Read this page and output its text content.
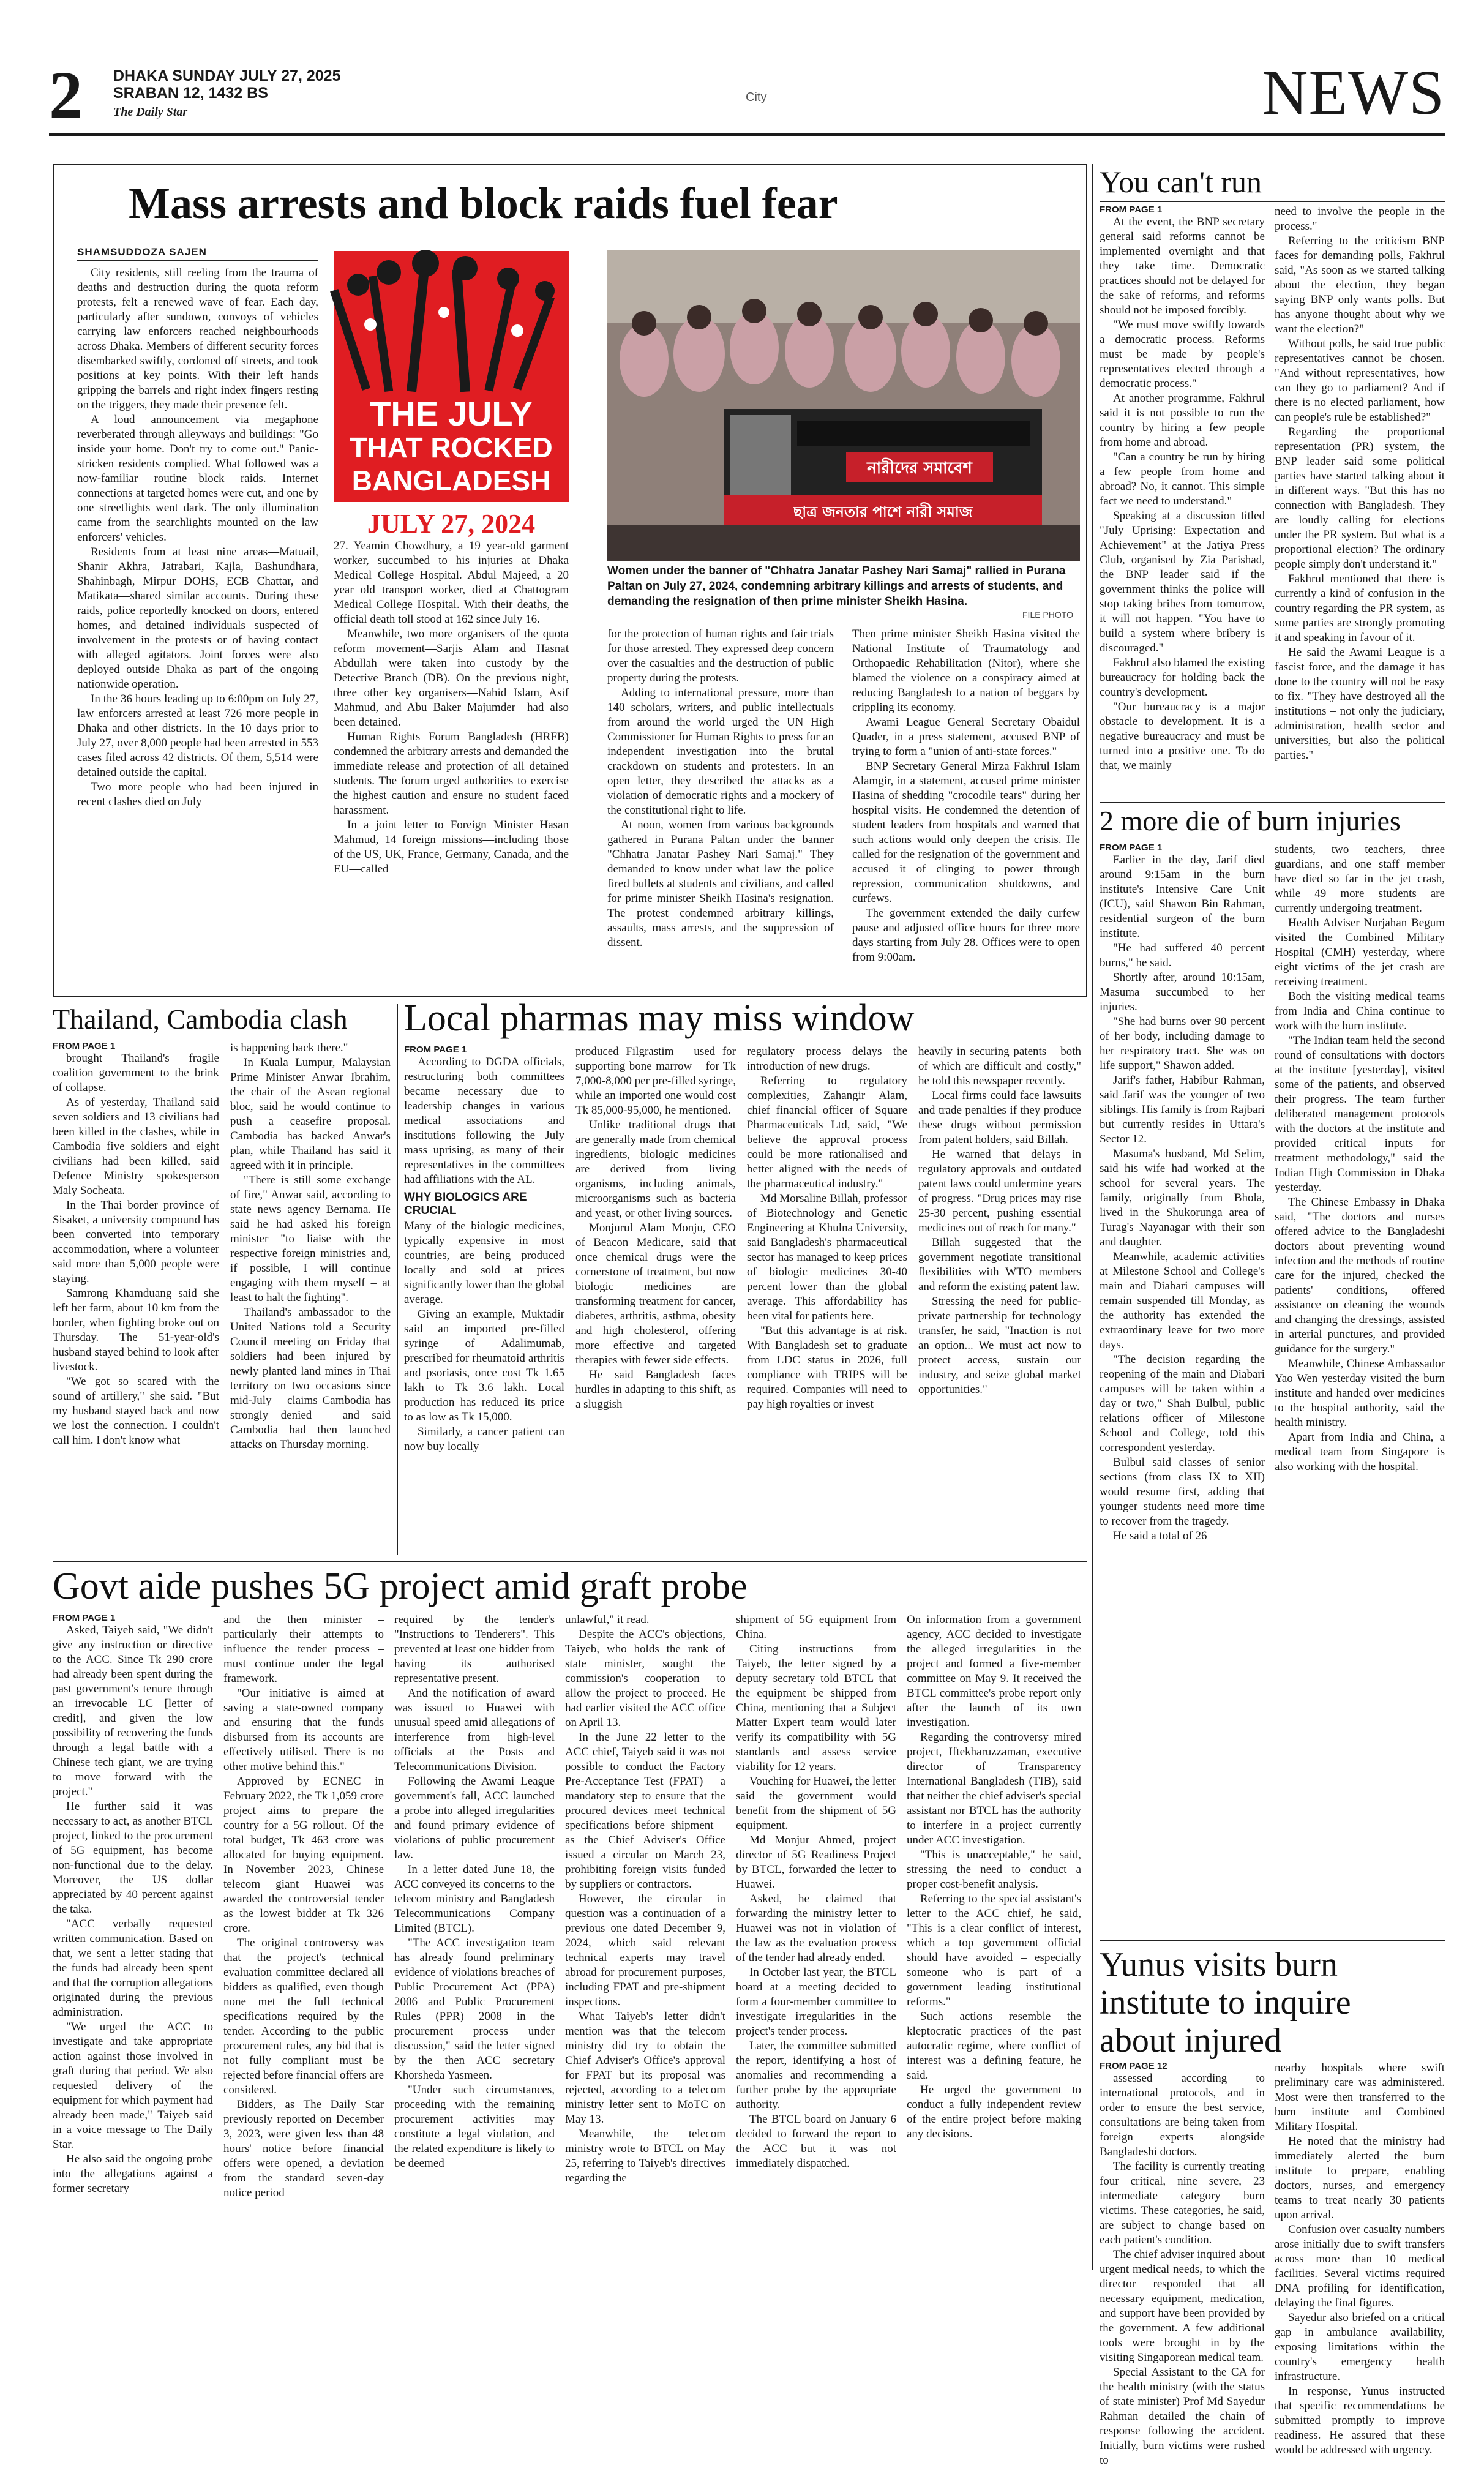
2 DHAKA SUNDAY JULY 27, 2025
SRABAN 12, 1432 BS
The Daily Star
City	NEWS
Mass arrests and block raids fuel fear
SHAMSUDDOZA SAJEN

City residents, still reeling from the trauma of deaths and destruction during the quota reform protests, felt a renewed wave of fear. Each day, particularly after sundown, convoys of vehicles carrying law enforcers reached neighbourhoods across Dhaka. Members of different security forces disembarked swiftly, cordoned off streets, and took positions at key points. With their left hands gripping the barrels and right index fingers resting on the triggers, they made their presence felt.

A loud announcement via megaphone reverberated through alleyways and buildings: "Go inside your home. Don't try to come out." Panic-stricken residents complied. What followed was a now-familiar routine—block raids. Internet connections at targeted homes were cut, and one by one streetlights went dark. The only illumination came from the searchlights mounted on the law enforcers' vehicles.

Residents from at least nine areas—Matuail, Shanir Akhra, Jatrabari, Kajla, Bashundhara, Shahinbagh, Mirpur DOHS, ECB Chattar, and Matikata—shared similar accounts. During these raids, police reportedly knocked on doors, entered homes, and detained individuals suspected of involvement in the protests or of having contact with alleged agitators. Joint forces were also deployed outside Dhaka as part of the ongoing nationwide operation.

In the 36 hours leading up to 6:00pm on July 27, law enforcers arrested at least 726 more people in Dhaka and other districts. In the 10 days prior to July 27, over 8,000 people had been arrested in 553 cases filed across 42 districts. Of them, 5,514 were detained outside the capital.

Two more people who had been injured in recent clashes died on July

THE JULY
THAT ROCKED
BANGLADESH
JULY 27, 2024
নারীদের সমাবেশ
ছাত্র জনতার পাশে নারী সমাজ
Women under the banner of "Chhatra Janatar Pashey Nari Samaj" rallied in Purana Paltan on July 27, 2024, condemning arbitrary killings and arrests of students, and demanding the resignation of then prime minister Sheikh Hasina.
FILE PHOTO

27. Yeamin Chowdhury, a 19 year-old garment worker, succumbed to his injuries at Dhaka Medical College Hospital. Abdul Majeed, a 20 year old transport worker, died at Chattogram Medical College Hospital. With their deaths, the official death toll stood at 162 since July 16.

Meanwhile, two more organisers of the quota reform movement—Sarjis Alam and Hasnat Abdullah—were taken into custody by the Detective Branch (DB). On the previous night, three other key organisers—Nahid Islam, Asif Mahmud, and Abu Baker Majumder—had also been detained.

Human Rights Forum Bangladesh (HRFB) condemned the arbitrary arrests and demanded the immediate release and protection of all detained students. The forum urged authorities to exercise the highest caution and ensure no student faced harassment.

In a joint letter to Foreign Minister Hasan Mahmud, 14 foreign missions—including those of the US, UK, France, Germany, Canada, and the EU—called

for the protection of human rights and fair trials for those arrested. They expressed deep concern over the casualties and the destruction of public property during the protests.

Adding to international pressure, more than 140 scholars, writers, and public intellectuals from around the world urged the UN High Commissioner for Human Rights to press for an independent investigation into the brutal crackdown on students and protesters. In an open letter, they described the attacks as a violation of democratic rights and a mockery of the constitutional right to life.

At noon, women from various backgrounds gathered in Purana Paltan under the banner "Chhatra Janatar Pashey Nari Samaj." They demanded to know under what law the police fired bullets at students and civilians, and called for prime minister Sheikh Hasina's resignation. The protest condemned arbitrary killings, assaults, mass arrests, and the suppression of dissent.

Then prime minister Sheikh Hasina visited the National Institute of Traumatology and Orthopaedic Rehabilitation (Nitor), where she blamed the violence on a conspiracy aimed at reducing Bangladesh to a nation of beggars by crippling its economy.

Awami League General Secretary Obaidul Quader, in a press statement, accused BNP of trying to form a "union of anti-state forces."

BNP Secretary General Mirza Fakhrul Islam Alamgir, in a statement, accused prime minister Hasina of shedding "crocodile tears" during her hospital visits. He condemned the detention of student leaders from hospitals and warned that such actions would only deepen the crisis. He called for the resignation of the government and accused it of clinging to power through repression, communication shutdowns, and curfews.

The government extended the daily curfew pause and adjusted office hours for three more days starting from July 28. Offices were to open from 9:00am.

You can't run
FROM PAGE 1

At the event, the BNP secretary general said reforms cannot be implemented overnight and that they take time. Democratic practices should not be delayed for the sake of reforms, and reforms should not be imposed forcibly.

"We must move swiftly towards a democratic process. Reforms must be made by people's representatives elected through a democratic process."

At another programme, Fakhrul said it is not possible to run the country by hiring a few people from home and abroad.

"Can a country be run by hiring a few people from home and abroad? No, it cannot. This simple fact we need to understand."

Speaking at a discussion titled "July Uprising: Expectation and Achievement" at the Jatiya Press Club, organised by Zia Parishad, the BNP leader said if the government thinks the police will stop taking bribes from tomorrow, it will not happen. "You have to build a system where bribery is discouraged."

Fakhrul also blamed the existing bureaucracy for holding back the country's development.

"Our bureaucracy is a major obstacle to development. It is a negative bureaucracy and must be turned into a positive one. To do that, we mainly

need to involve the people in the process."

Referring to the criticism BNP faces for demanding polls, Fakhrul said, "As soon as we started talking about the election, they began saying BNP only wants polls. But has anyone thought about why we want the election?"

Without polls, he said true public representatives cannot be chosen. "And without representatives, how can they go to parliament? And if there is no elected parliament, how can people's rule be established?"

Regarding the proportional representation (PR) system, the BNP leader said some political parties have started talking about it in different ways. "But this has no connection with Bangladesh. They are loudly calling for elections under the PR system. But what is a proportional election? The ordinary people simply don't understand it."

Fakhrul mentioned that there is currently a kind of confusion in the country regarding the PR system, as some parties are strongly promoting it and speaking in favour of it.

He said the Awami League is a fascist force, and the damage it has done to the country will not be easy to fix. "They have destroyed all the institutions – not only the judiciary, administration, health sector and universities, but also the political parties."

2 more die of burn injuries
FROM PAGE 1

Earlier in the day, Jarif died around 9:15am in the burn institute's Intensive Care Unit (ICU), said Shawon Bin Rahman, residential surgeon of the burn institute.

"He had suffered 40 percent burns," he said.

Shortly after, around 10:15am, Masuma succumbed to her injuries.

"She had burns over 90 percent of her body, including damage to her respiratory tract. She was on life support," Shawon added.

Jarif's father, Habibur Rahman, said Jarif was the younger of two siblings. His family is from Rajbari but currently resides in Uttara's Sector 12.

Masuma's husband, Md Selim, said his wife had worked at the school for several years. The family, originally from Bhola, lived in the Shukorunga area of Turag's Nayanagar with their son and daughter.

Meanwhile, academic activities at Milestone School and College's main and Diabari campuses will remain suspended till Monday, as the authority has extended the extraordinary leave for two more days.

"The decision regarding the reopening of the main and Diabari campuses will be taken within a day or two," Shah Bulbul, public relations officer of Milestone School and College, told this correspondent yesterday.

Bulbul said classes of senior sections (from class IX to XII) would resume first, adding that younger students need more time to recover from the tragedy.

He said a total of 26

students, two teachers, three guardians, and one staff member have died so far in the jet crash, while 49 more students are currently undergoing treatment.

Health Adviser Nurjahan Begum visited the Combined Military Hospital (CMH) yesterday, where eight victims of the jet crash are receiving treatment.

Both the visiting medical teams from India and China continue to work with the burn institute.

"The Indian team held the second round of consultations with doctors at the institute [yesterday], visited some of the patients, and observed their progress. The team further deliberated management protocols with the doctors at the institute and provided critical inputs for treatment methodology," said the Indian High Commission in Dhaka yesterday.

The Chinese Embassy in Dhaka said, "The doctors and nurses offered advice to the Bangladeshi doctors about preventing wound infection and the methods of routine care for the injured, checked the patients' conditions, offered assistance on cleaning the wounds and changing the dressings, assisted in arterial punctures, and provided guidance for the surgery."

Meanwhile, Chinese Ambassador Yao Wen yesterday visited the burn institute and handed over medicines to the hospital authority, said the health ministry.

Apart from India and China, a medical team from Singapore is also working with the hospital.

Yunus visits burn institute to inquire about injured
FROM PAGE 12

assessed according to international protocols, and in order to ensure the best service, consultations are being taken from foreign experts alongside Bangladeshi doctors.

The facility is currently treating four critical, nine severe, 23 intermediate category burn victims. These categories, he said, are subject to change based on each patient's condition.

The chief adviser inquired about urgent medical needs, to which the director responded that all necessary equipment, medication, and support have been provided by the government. A few additional tools were brought in by the visiting Singaporean medical team.

Special Assistant to the CA for the health ministry (with the status of state minister) Prof Md Sayedur Rahman detailed the chain of response following the accident. Initially, burn victims were rushed to

nearby hospitals where swift preliminary care was administered. Most were then transferred to the burn institute and Combined Military Hospital.

He noted that the ministry had immediately alerted the burn institute to prepare, enabling doctors, nurses, and emergency teams to treat nearly 30 patients upon arrival.

Confusion over casualty numbers arose initially due to swift transfers across more than 10 medical facilities. Several victims required DNA profiling for identification, delaying the final figures.

Sayedur also briefed on a critical gap in ambulance availability, exposing limitations within the country's emergency health infrastructure.

In response, Yunus instructed that specific recommendations be submitted promptly to improve readiness. He assured that these would be addressed with urgency.

Thailand, Cambodia clash
FROM PAGE 1

brought Thailand's fragile coalition government to the brink of collapse.

As of yesterday, Thailand said seven soldiers and 13 civilians had been killed in the clashes, while in Cambodia five soldiers and eight civilians had been killed, said Defence Ministry spokesperson Maly Socheata.

In the Thai border province of Sisaket, a university compound has been converted into temporary accommodation, where a volunteer said more than 5,000 people were staying.

Samrong Khamduang said she left her farm, about 10 km from the border, when fighting broke out on Thursday. The 51-year-old's husband stayed behind to look after livestock.

"We got so scared with the sound of artillery," she said. "But my husband stayed back and now we lost the connection. I couldn't call him. I don't know what

is happening back there."

In Kuala Lumpur, Malaysian Prime Minister Anwar Ibrahim, the chair of the Asean regional bloc, said he would continue to push a ceasefire proposal. Cambodia has backed Anwar's plan, while Thailand has said it agreed with it in principle.

"There is still some exchange of fire," Anwar said, according to state news agency Bernama. He said he had asked his foreign minister "to liaise with the respective foreign ministries and, if possible, I will continue engaging with them myself – at least to halt the fighting".

Thailand's ambassador to the United Nations told a Security Council meeting on Friday that soldiers had been injured by newly planted land mines in Thai territory on two occasions since mid-July – claims Cambodia has strongly denied – and said Cambodia had then launched attacks on Thursday morning.

Local pharmas may miss window
FROM PAGE 1

According to DGDA officials, restructuring both committees became necessary due to leadership changes in various medical associations and institutions following the July mass uprising, as many of their representatives in the committees had affiliations with the AL.

WHY BIOLOGICS ARE CRUCIAL

Many of the biologic medicines, typically expensive in most countries, are being produced locally and sold at prices significantly lower than the global average.

Giving an example, Muktadir said an imported pre-filled syringe of Adalimumab, prescribed for rheumatoid arthritis and psoriasis, once cost Tk 1.65 lakh to Tk 3.6 lakh. Local production has reduced its price to as low as Tk 15,000.

Similarly, a cancer patient can now buy locally

produced Filgrastim – used for supporting bone marrow – for Tk 7,000-8,000 per pre-filled syringe, while an imported one would cost Tk 85,000-95,000, he mentioned.

Unlike traditional drugs that are generally made from chemical ingredients, biologic medicines are derived from living organisms, including animals, microorganisms such as bacteria and yeast, or other living sources.

Monjurul Alam Monju, CEO of Beacon Medicare, said that once chemical drugs were the cornerstone of treatment, but now biologic medicines are transforming treatment for cancer, diabetes, arthritis, asthma, obesity and high cholesterol, offering more effective and targeted therapies with fewer side effects.

He said Bangladesh faces hurdles in adapting to this shift, as a sluggish

regulatory process delays the introduction of new drugs.

Referring to regulatory complexities, Zahangir Alam, chief financial officer of Square Pharmaceuticals Ltd, said, "We believe the approval process could be more rationalised and better aligned with the needs of the pharmaceutical industry."

Md Morsaline Billah, professor of Biotechnology and Genetic Engineering at Khulna University, said Bangladesh's pharmaceutical sector has managed to keep prices of biologic medicines 30-40 percent lower than the global average. This affordability has been vital for patients here.

"But this advantage is at risk. With Bangladesh set to graduate from LDC status in 2026, full compliance with TRIPS will be required. Companies will need to pay high royalties or invest

heavily in securing patents – both of which are difficult and costly," he told this newspaper recently.

Local firms could face lawsuits and trade penalties if they produce these drugs without permission from patent holders, said Billah.

He warned that delays in regulatory approvals and outdated patent laws could undermine years of progress. "Drug prices may rise 25-30 percent, pushing essential medicines out of reach for many."

Billah suggested that the government negotiate transitional flexibilities with WTO members and reform the existing patent law.

Stressing the need for public-private partnership for technology transfer, he said, "Inaction is not an option... We must act now to protect access, sustain our industry, and seize global market opportunities."

Govt aide pushes 5G project amid graft probe
FROM PAGE 1

Asked, Taiyeb said, "We didn't give any instruction or directive to the ACC. Since Tk 290 crore had already been spent during the past government's tenure through an irrevocable LC [letter of credit], and given the low possibility of recovering the funds through a legal battle with a Chinese tech giant, we are trying to move forward with the project."

He further said it was necessary to act, as another BTCL project, linked to the procurement of 5G equipment, has become non-functional due to the delay. Moreover, the US dollar appreciated by 40 percent against the taka.

"ACC verbally requested written communication. Based on that, we sent a letter stating that the funds had already been spent and that the corruption allegations originated during the previous administration.

"We urged the ACC to investigate and take appropriate action against those involved in graft during that period. We also requested delivery of the equipment for which payment had already been made," Taiyeb said in a voice message to The Daily Star.

He also said the ongoing probe into the allegations against a former secretary

and the then minister – particularly their attempts to influence the tender process – must continue under the legal framework.

"Our initiative is aimed at saving a state-owned company and ensuring that the funds disbursed from its accounts are effectively utilised. There is no other motive behind this."

Approved by ECNEC in February 2022, the Tk 1,059 crore project aims to prepare the country for a 5G rollout. Of the total budget, Tk 463 crore was allocated for buying equipment. In November 2023, Chinese telecom giant Huawei was awarded the controversial tender as the lowest bidder at Tk 326 crore.

The original controversy was that the project's technical evaluation committee declared all bidders as qualified, even though none met the full technical specifications required by the tender. According to the public procurement rules, any bid that is not fully compliant must be rejected before financial offers are considered.

Bidders, as The Daily Star previously reported on December 3, 2023, were given less than 48 hours' notice before financial offers were opened, a deviation from the standard seven-day notice period

required by the tender's "Instructions to Tenderers". This prevented at least one bidder from having its authorised representative present.

And the notification of award was issued to Huawei with unusual speed amid allegations of interference from high-level officials at the Posts and Telecommunications Division.

Following the Awami League government's fall, ACC launched a probe into alleged irregularities and found primary evidence of violations of public procurement law.

In a letter dated June 18, the ACC conveyed its concerns to the telecom ministry and Bangladesh Telecommunications Company Limited (BTCL).

"The ACC investigation team has already found preliminary evidence of violations breaches of Public Procurement Act (PPA) 2006 and Public Procurement Rules (PPR) 2008 in the procurement process under discussion," said the letter signed by the then ACC secretary Khorsheda Yasmeen.

"Under such circumstances, proceeding with the remaining procurement activities may constitute a legal violation, and the related expenditure is likely to be deemed

unlawful," it read.

Despite the ACC's objections, Taiyeb, who holds the rank of state minister, sought the commission's cooperation to allow the project to proceed. He had earlier visited the ACC office on April 13.

In the June 22 letter to the ACC chief, Taiyeb said it was not possible to conduct the Factory Pre-Acceptance Test (FPAT) – a mandatory step to ensure that the procured devices meet technical specifications before shipment – as the Chief Adviser's Office issued a circular on March 23, prohibiting foreign visits funded by suppliers or contractors.

However, the circular in question was a continuation of a previous one dated December 9, 2024, which said relevant technical experts may travel abroad for procurement purposes, including FPAT and pre-shipment inspections.

What Taiyeb's letter didn't mention was that the telecom ministry did try to obtain the Chief Adviser's Office's approval for FPAT but its proposal was rejected, according to a telecom ministry letter sent to MoTC on May 13.

Meanwhile, the telecom ministry wrote to BTCL on May 25, referring to Taiyeb's directives regarding the

shipment of 5G equipment from China.

Citing instructions from Taiyeb, the letter signed by a deputy secretary told BTCL that the equipment be shipped from China, mentioning that a Subject Matter Expert team would later verify its compatibility with 5G standards and assess service viability for 12 years.

Vouching for Huawei, the letter said the government would benefit from the shipment of 5G equipment.

Md Monjur Ahmed, project director of 5G Readiness Project by BTCL, forwarded the letter to Huawei.

Asked, he claimed that forwarding the ministry letter to Huawei was not in violation of the law as the evaluation process of the tender had already ended.

In October last year, the BTCL board at a meeting decided to form a four-member committee to investigate irregularities in the project's tender process.

Later, the committee submitted the report, identifying a host of anomalies and recommending a further probe by the appropriate authority.

The BTCL board on January 6 decided to forward the report to the ACC but it was not immediately dispatched.

On information from a government agency, ACC decided to investigate the alleged irregularities in the project and formed a five-member committee on May 9. It received the BTCL committee's probe report only after the launch of its own investigation.

Regarding the controversy mired project, Iftekharuzzaman, executive director of Transparency International Bangladesh (TIB), said that neither the chief adviser's special assistant nor BTCL has the authority to interfere in a project currently under ACC investigation.

"This is unacceptable," he said, stressing the need to conduct a proper cost-benefit analysis.

Referring to the special assistant's letter to the ACC chief, he said, "This is a clear conflict of interest, which a top government official should have avoided – especially someone who is part of a government leading institutional reforms."

Such actions resemble the kleptocratic practices of the past autocratic regime, where conflict of interest was a defining feature, he said.

He urged the government to conduct a fully independent review of the entire project before making any decisions.
